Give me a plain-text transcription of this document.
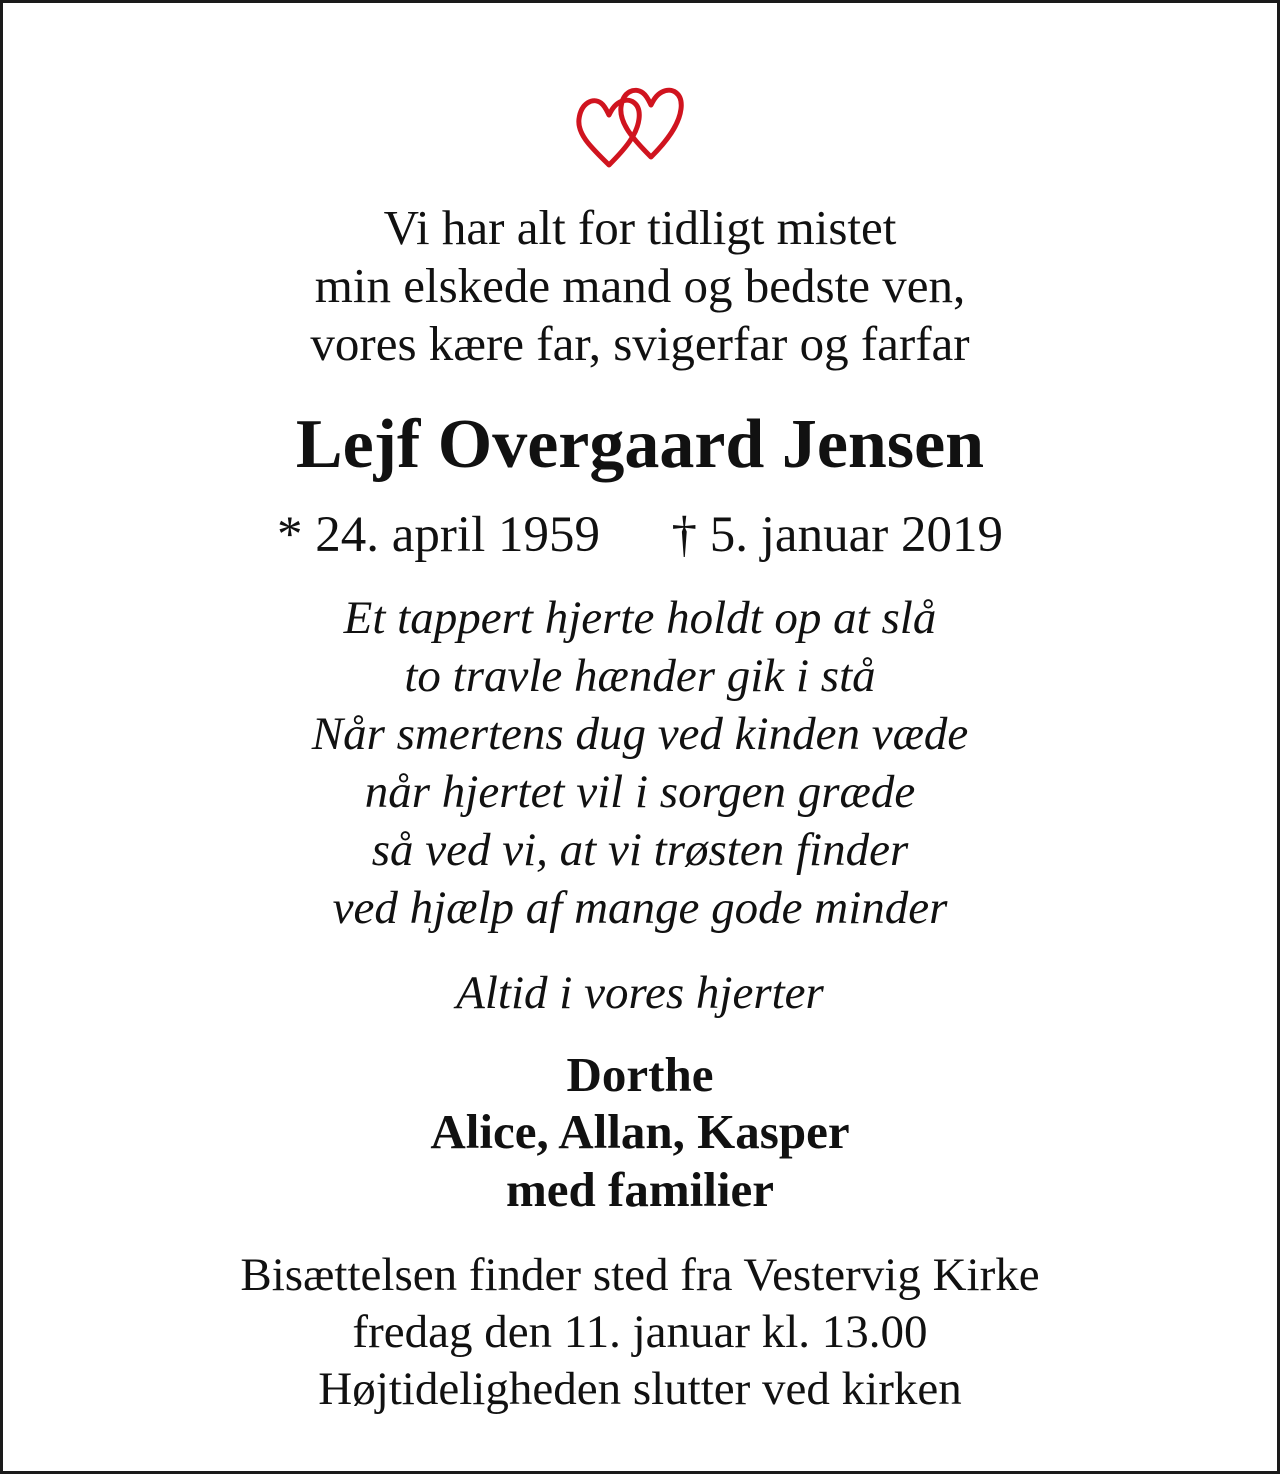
Vi har alt for tidligt mistet
min elskede mand og bedste ven,
vores kære far, svigerfar og farfar
Lejf Overgaard Jensen
* 24. april 1959 † 5. januar 2019
Et tappert hjerte holdt op at slå
to travle hænder gik i stå
Når smertens dug ved kinden væde
når hjertet vil i sorgen græde
så ved vi, at vi trøsten finder
ved hjælp af mange gode minder
Altid i vores hjerter
Dorthe
Alice, Allan, Kasper
med familier
Bisættelsen finder sted fra Vestervig Kirke
fredag den 11. januar kl. 13.00
Højtideligheden slutter ved kirken
